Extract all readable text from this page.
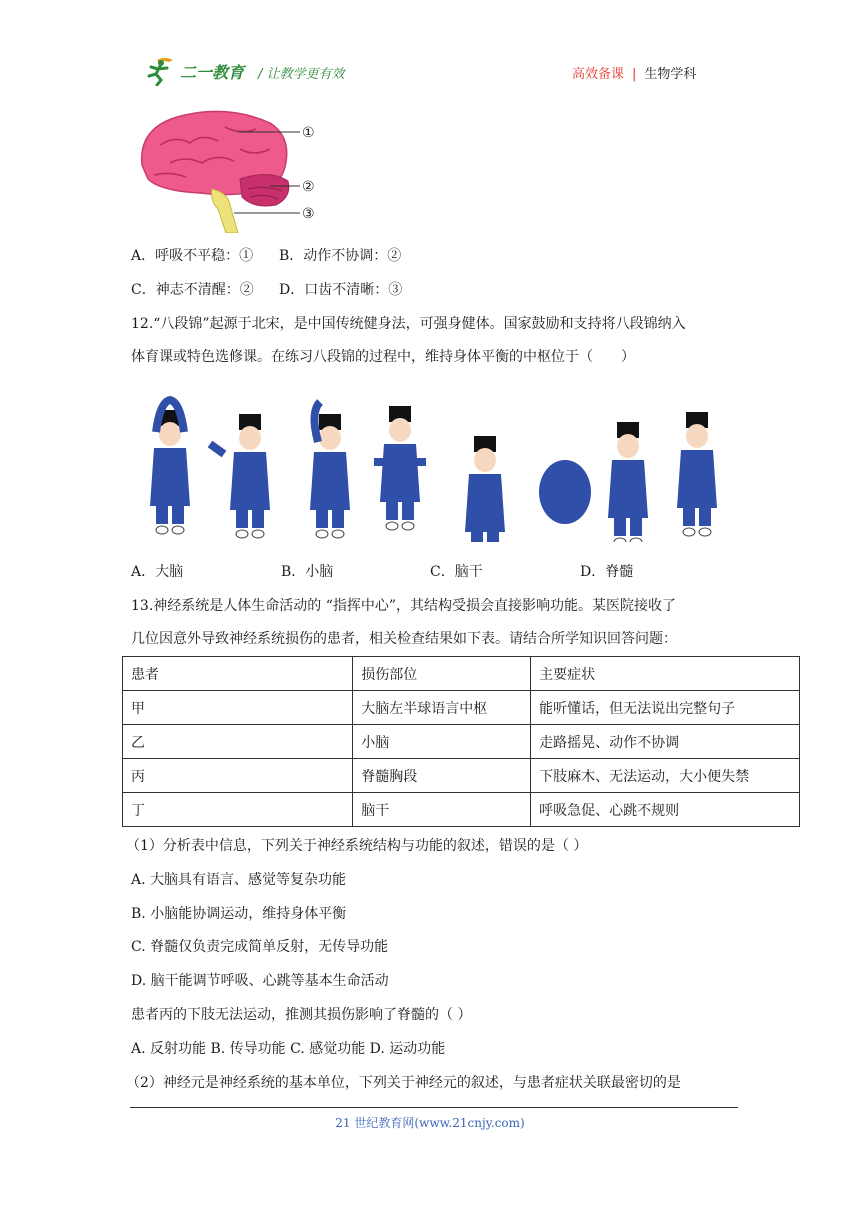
二一教育 / 让教学更有效	高效备课 | 生物学科
①
②
③
A．呼吸不平稳：① B．动作不协调：②
C．神志不清醒：② D．口齿不清晰：③
12.“八段锦”起源于北宋，是中国传统健身法，可强身健体。国家鼓励和支持将八段锦纳入
体育课或特色选修课。在练习八段锦的过程中，维持身体平衡的中枢位于（　　）
A．大脑	B．小脑	C．脑干	D．脊髓
13.神经系统是人体生命活动的 “指挥中心”，其结构受损会直接影响功能。某医院接收了
几位因意外导致神经系统损伤的患者，相关检查结果如下表。请结合所学知识回答问题：
患者	损伤部位	主要症状
甲	大脑左半球语言中枢	能听懂话，但无法说出完整句子
乙	小脑	走路摇晃、动作不协调
丙	脊髓胸段	下肢麻木、无法运动，大小便失禁
丁	脑干	呼吸急促、心跳不规则
（1）分析表中信息，下列关于神经系统结构与功能的叙述，错误的是（ ）
A. 大脑具有语言、感觉等复杂功能
B. 小脑能协调运动，维持身体平衡
C. 脊髓仅负责完成简单反射，无传导功能
D. 脑干能调节呼吸、心跳等基本生命活动
患者丙的下肢无法运动，推测其损伤影响了脊髓的（ ）
A. 反射功能 B. 传导功能 C. 感觉功能 D. 运动功能
（2）神经元是神经系统的基本单位，下列关于神经元的叙述，与患者症状关联最密切的是
21 世纪教育网(www.21cnjy.com)
